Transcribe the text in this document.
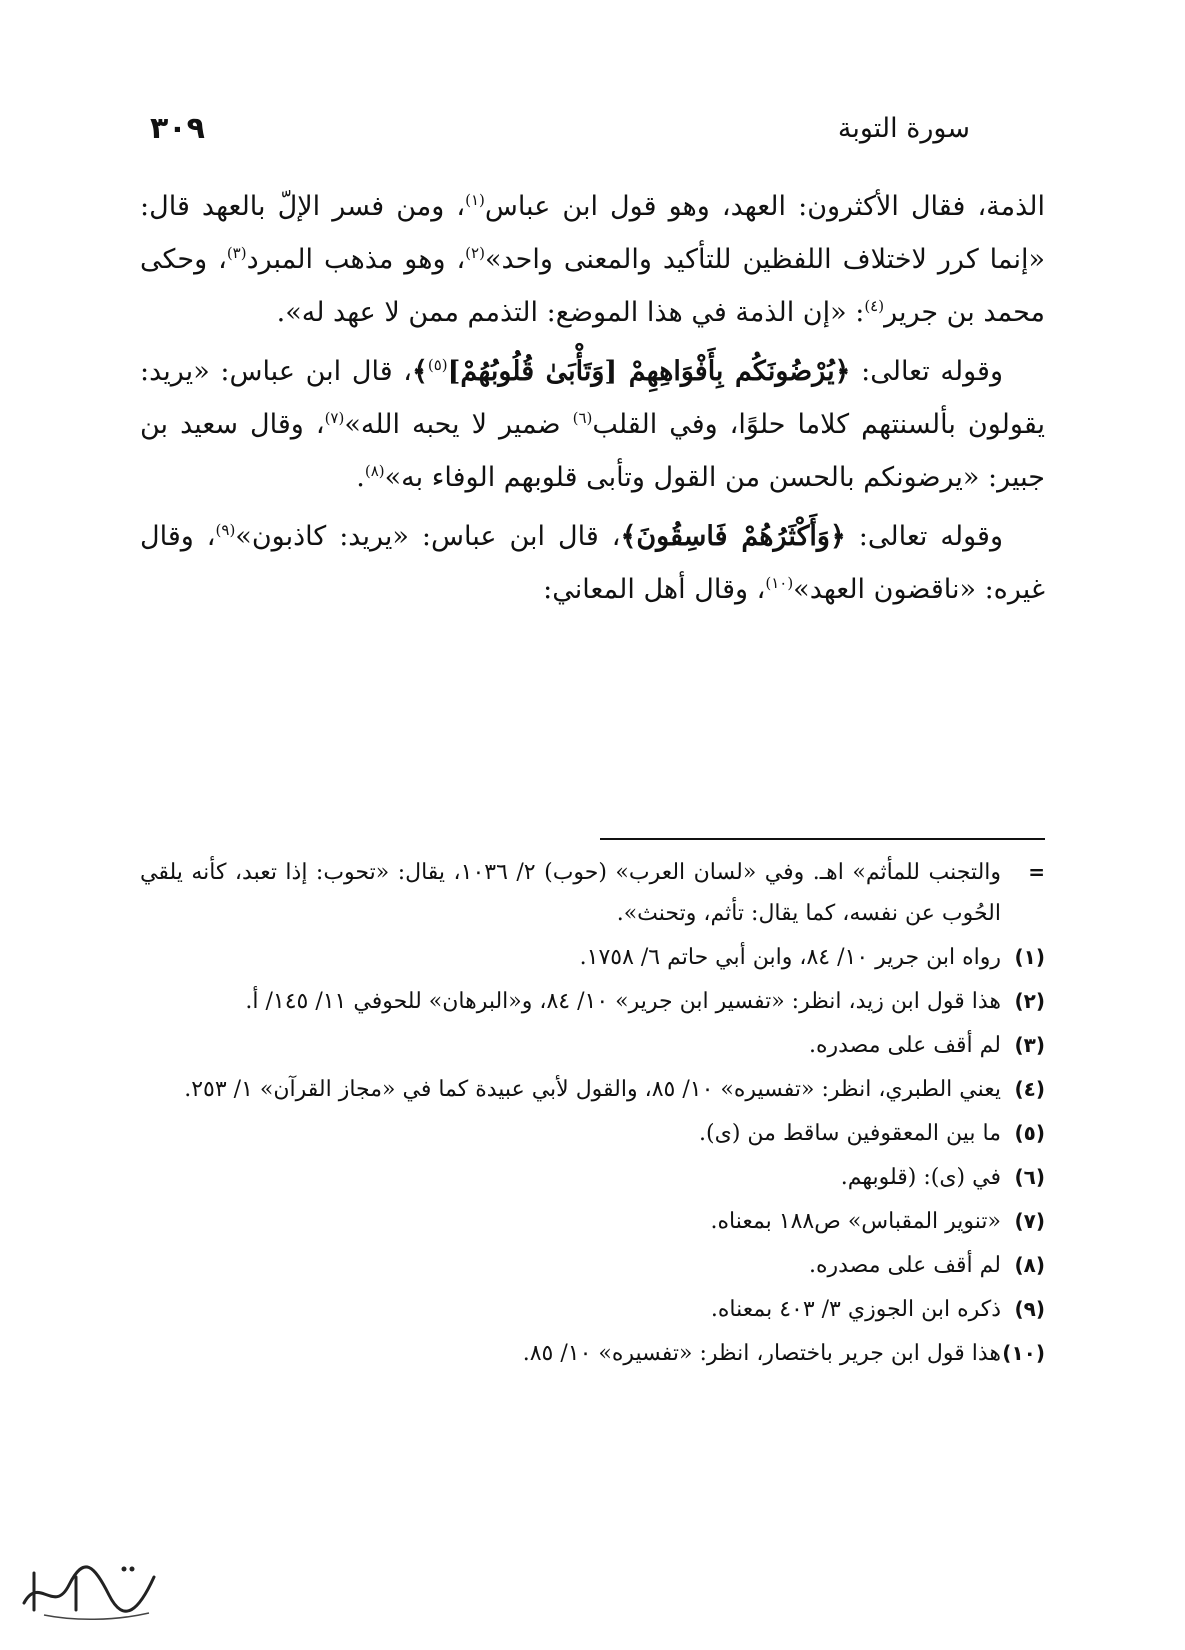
سورة التوبة
٣٠٩

الذمة، فقال الأكثرون: العهد، وهو قول ابن عباس$^{(١)}$، ومن فسر الإلّ بالعهد قال: «إنما كرر لاختلاف اللفظين للتأكيد والمعنى واحد»$^{(٢)}$، وهو مذهب المبرد$^{(٣)}$، وحكى محمد بن جرير$^{(٤)}$: «إن الذمة في هذا الموضع: التذمم ممن لا عهد له».

وقوله تعالى: ﴿يُرْضُونَكُم بِأَفْوَاهِهِمْ [وَتَأْبَىٰ قُلُوبُهُمْ]$^{(٥)}$﴾، قال ابن عباس: «يريد: يقولون بألسنتهم كلاما حلوًا، وفي القلب$^{(٦)}$ ضمير لا يحبه الله»$^{(٧)}$، وقال سعيد بن جبير: «يرضونكم بالحسن من القول وتأبى قلوبهم الوفاء به»$^{(٨)}$.

وقوله تعالى: ﴿وَأَكْثَرُهُمْ فَاسِقُونَ﴾، قال ابن عباس: «يريد: كاذبون»$^{(٩)}$، وقال غيره: «ناقضون العهد»$^{(١٠)}$، وقال أهل المعاني:

=
والتجنب للمأثم» اهـ. وفي «لسان العرب» (حوب) ٢/ ١٠٣٦، يقال: «تحوب: إذا تعبد، كأنه يلقي الحُوب عن نفسه، كما يقال: تأثم، وتحنث».
(١)
رواه ابن جرير ١٠/ ٨٤، وابن أبي حاتم ٦/ ١٧٥٨.
(٢)
هذا قول ابن زيد، انظر: «تفسير ابن جرير» ١٠/ ٨٤، و«البرهان» للحوفي ١١/ ١٤٥/ أ.
(٣)
لم أقف على مصدره.
(٤)
يعني الطبري، انظر: «تفسيره» ١٠/ ٨٥، والقول لأبي عبيدة كما في «مجاز القرآن» ١/ ٢٥٣.
(٥)
ما بين المعقوفين ساقط من (ى).
(٦)
في (ى): (قلوبهم.
(٧)
«تنوير المقباس» ص١٨٨ بمعناه.
(٨)
لم أقف على مصدره.
(٩)
ذكره ابن الجوزي ٣/ ٤٠٣ بمعناه.
(١٠)
هذا قول ابن جرير باختصار، انظر: «تفسيره» ١٠/ ٨٥.
